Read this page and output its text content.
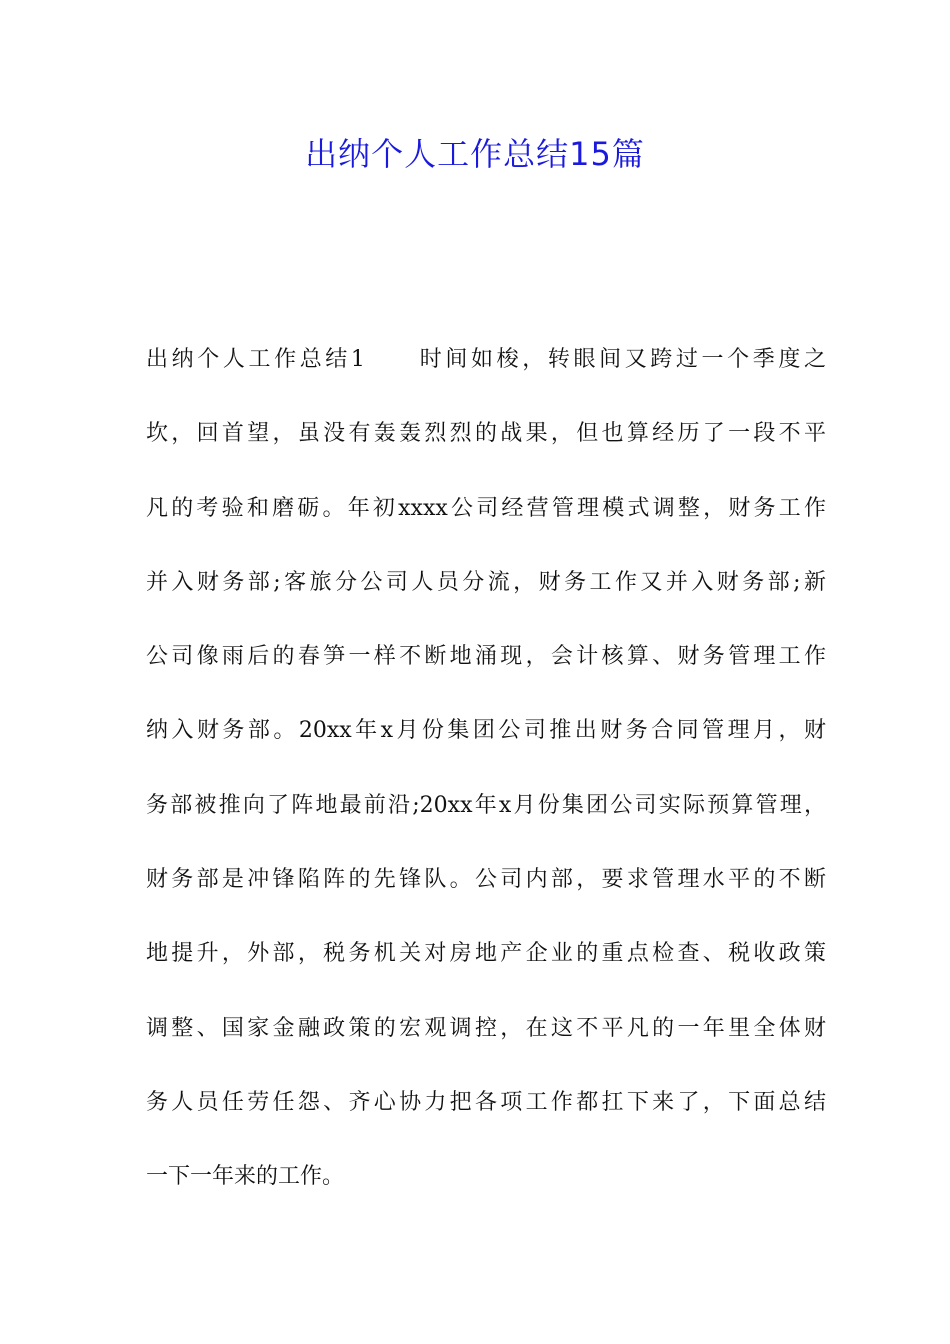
出纳个人工作总结15篇
出纳个人工作总结1　　时间如梭，转眼间又跨过一个季度之
坎，回首望，虽没有轰轰烈烈的战果，但也算经历了一段不平
凡的考验和磨砺。年初xxxx公司经营管理模式调整，财务工作
并入财务部;客旅分公司人员分流，财务工作又并入财务部;新
公司像雨后的春笋一样不断地涌现，会计核算、财务管理工作
纳入财务部。20xx年x月份集团公司推出财务合同管理月，财
务部被推向了阵地最前沿;20xx年x月份集团公司实际预算管理，
财务部是冲锋陷阵的先锋队。公司内部，要求管理水平的不断
地提升，外部，税务机关对房地产企业的重点检查、税收政策
调整、国家金融政策的宏观调控，在这不平凡的一年里全体财
务人员任劳任怨、齐心协力把各项工作都扛下来了，下面总结
一下一年来的工作。
